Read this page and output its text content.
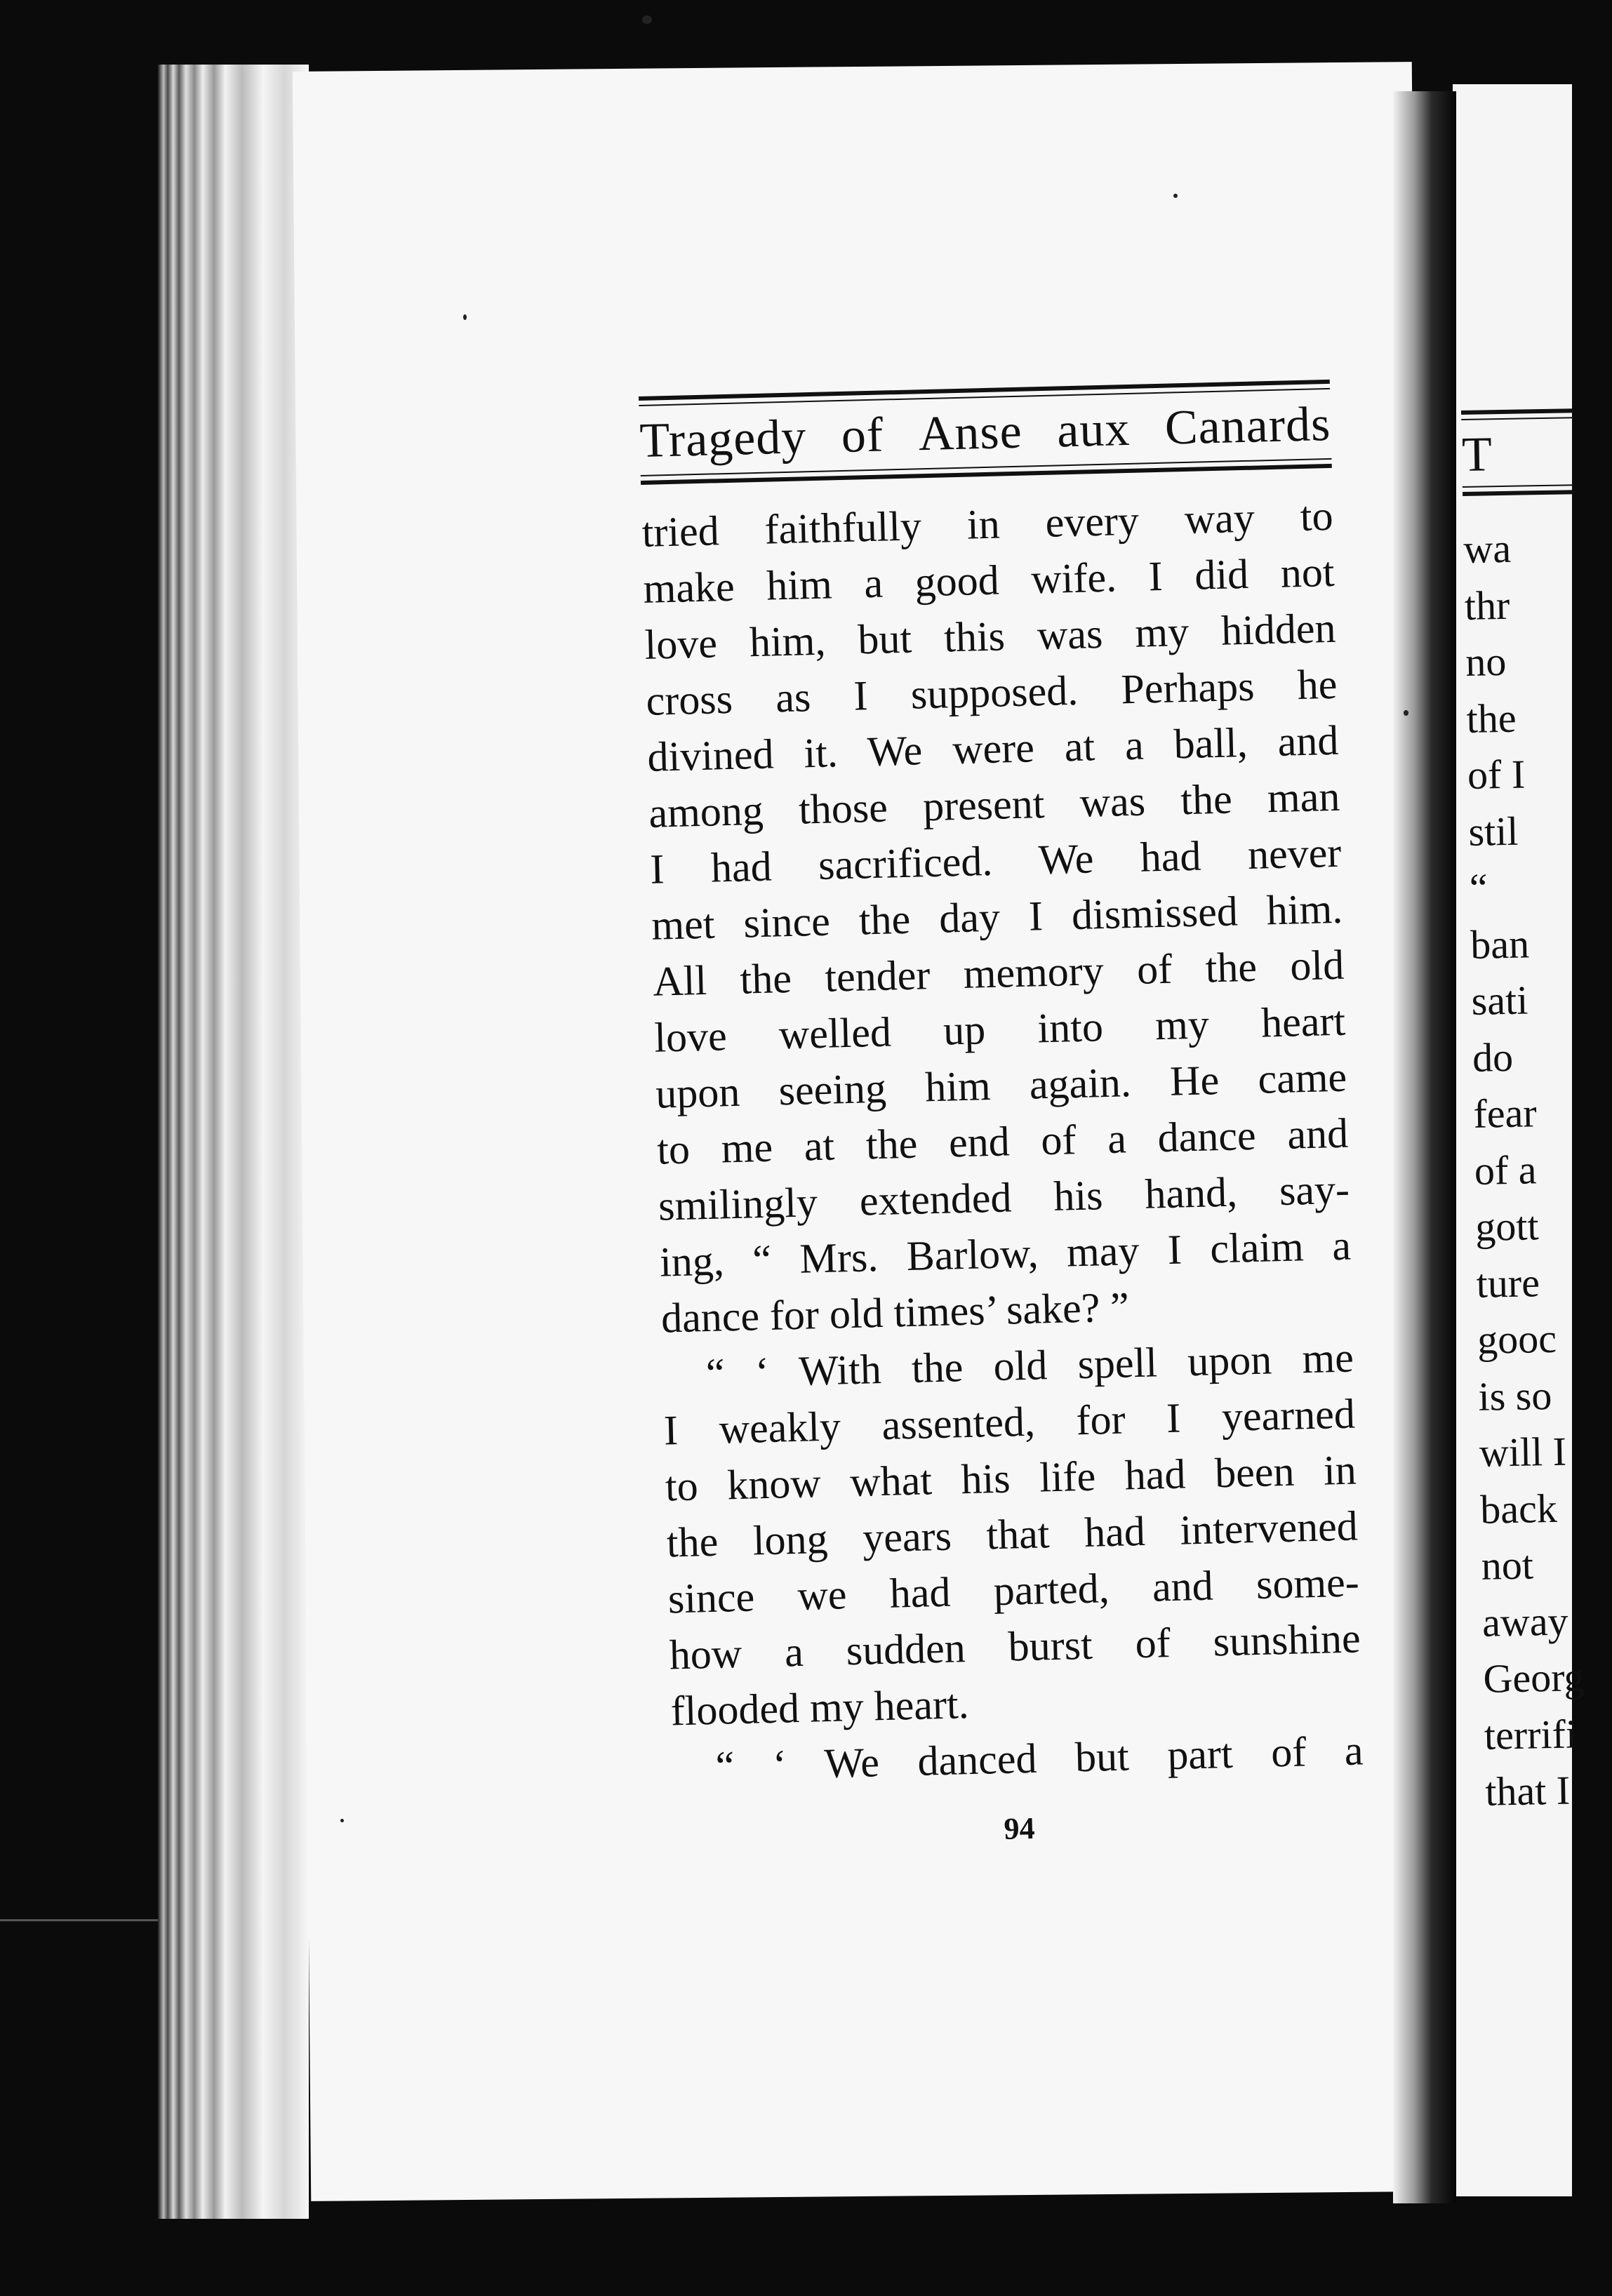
Tragedy of Anse aux Canards
tried faithfully in every way to
make him a good wife. I did not
love him, but this was my hidden
cross as I supposed. Perhaps he
divined it. We were at a ball, and
among those present was the man
I had sacrificed. We had never
met since the day I dismissed him.
All the tender memory of the old
love welled up into my heart
upon seeing him again. He came
to me at the end of a dance and
smilingly extended his hand, say-
ing, “ Mrs. Barlow, may I claim a
dance for old times’ sake? ”
“ ‘ With the old spell upon me
I weakly assented, for I yearned
to know what his life had been in
the long years that had intervened
since we had parted, and some-
how a sudden burst of sunshine
flooded my heart.
“ ‘ We danced but part of a
94
T
wa
thr
no
the
of I
stil
“
ban
sati
do
fear
of a
gott
ture
gooc
is so
will I
back
not
away
Georg
terrifi
that I
